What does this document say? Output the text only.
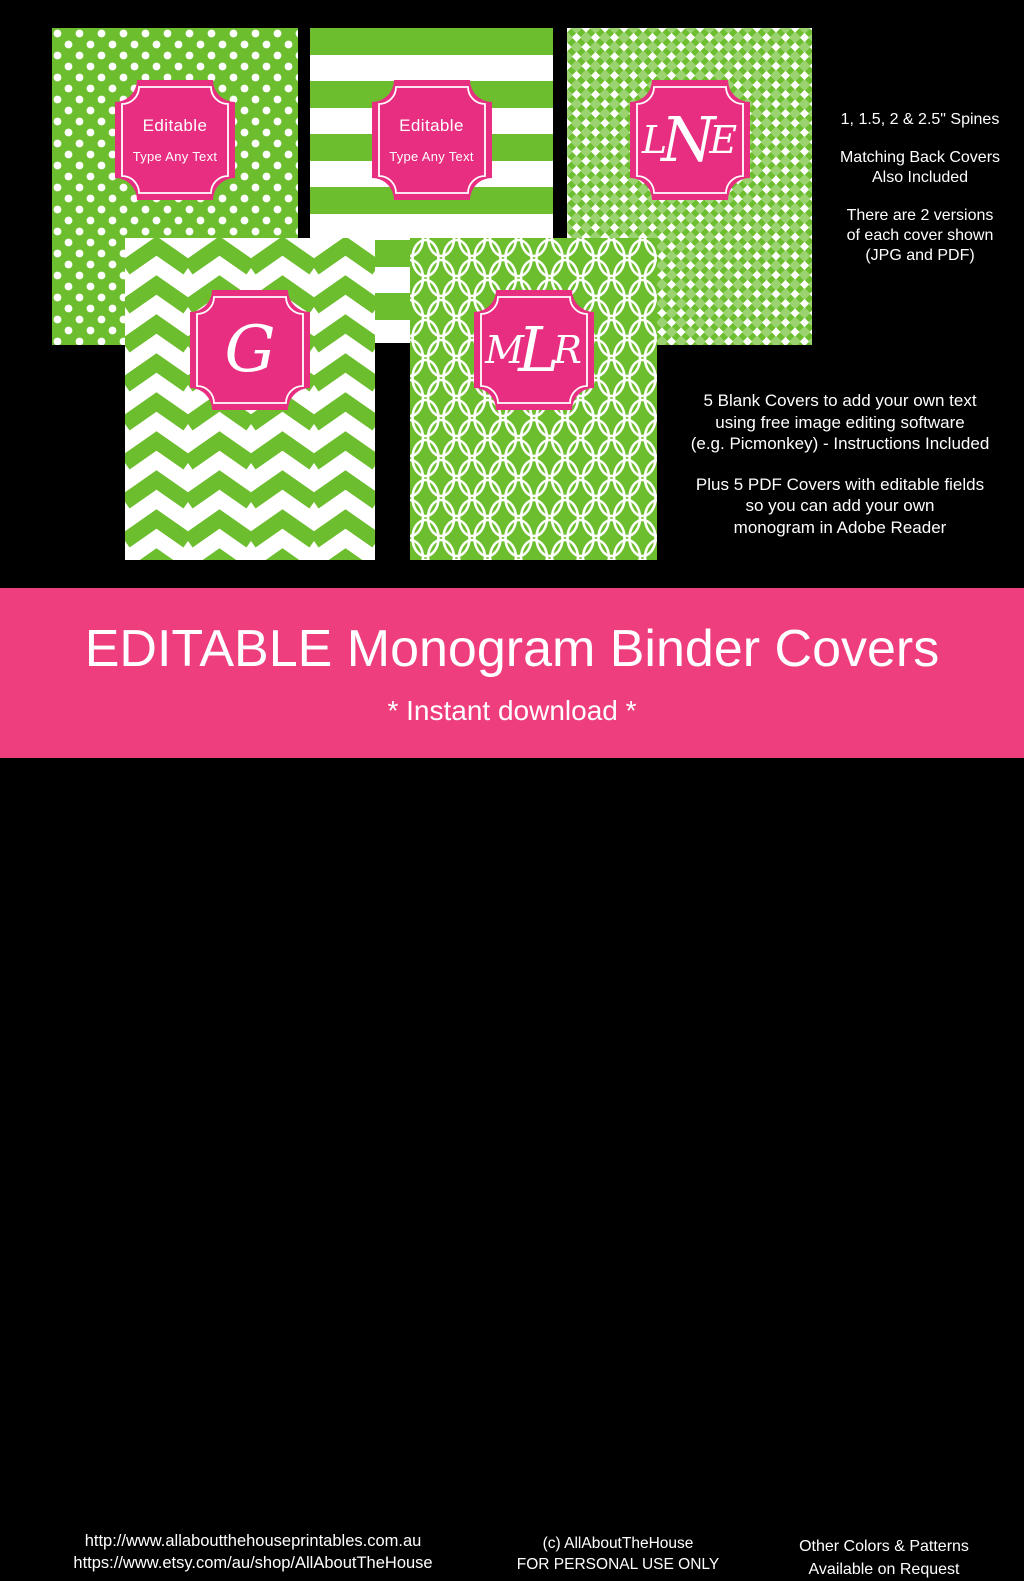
Editable
Type Any Text
Editable
Type Any Text	L
N
E
G	M
L
R

1, 1.5, 2 & 2.5" Spines

Matching Back Covers

Also Included

There are 2 versions

of each cover shown

(JPG and PDF)

5 Blank Covers to add your own text

using free image editing software

(e.g. Picmonkey) - Instructions Included

Plus 5 PDF Covers with editable fields

so you can add your own

monogram in Adobe Reader

EDITABLE Monogram Binder Covers
* Instant download *
http://www.allaboutthehouseprintables.com.au
https://www.etsy.com/au/shop/AllAboutTheHouse
(c) AllAboutTheHouse
FOR PERSONAL USE ONLY
Other Colors & Patterns
Available on Request
